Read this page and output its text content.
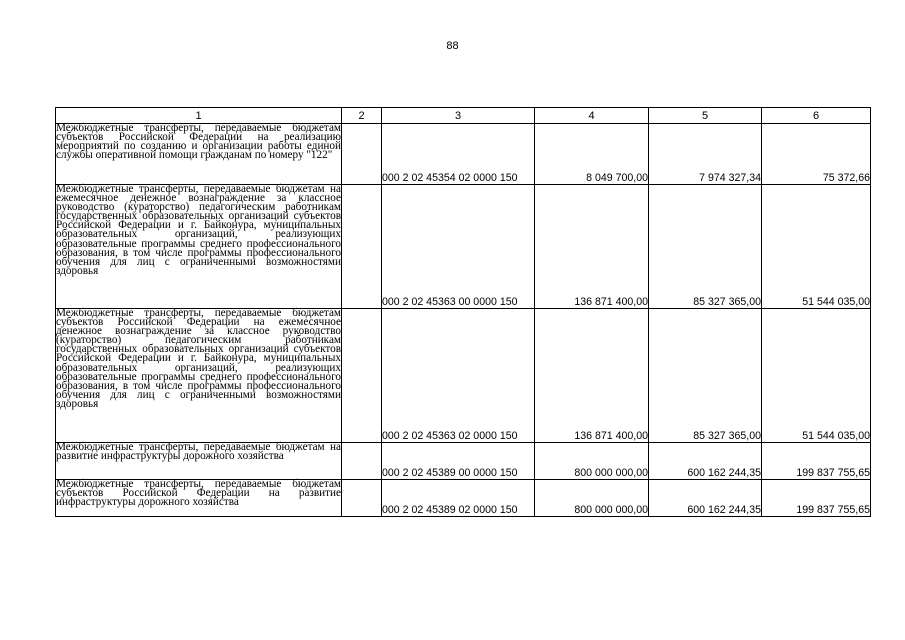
88
1	2	3	4	5	6
Межбюджетные трансферты, передаваемые бюджетам субъектов Российской Федерации на реализацию мероприятий по созданию и организации работы единой службы оперативной помощи гражданам по номеру "122"		000 2 02 45354 02 0000 150	8 049 700,00	7 974 327,34	75 372,66
Межбюджетные трансферты, передаваемые бюджетам на ежемесячное денежное вознаграждение за классное руководство (кураторство) педагогическим работникам государственных образовательных организаций субъектов Российской Федерации и г. Байконура, муниципальных образовательных организаций, реализующих образовательные программы среднего профессионального образования, в том числе программы профессионального обучения для лиц с ограниченными возможностями здоровья		000 2 02 45363 00 0000 150	136 871 400,00	85 327 365,00	51 544 035,00
Межбюджетные трансферты, передаваемые бюджетам субъектов Российской Федерации на ежемесячное денежное вознаграждение за классное руководство (кураторство) педагогическим работникам государственных образовательных организаций субъектов Российской Федерации и г. Байконура, муниципальных образовательных организаций, реализующих образовательные программы среднего профессионального образования, в том числе программы профессионального обучения для лиц с ограниченными возможностями здоровья		000 2 02 45363 02 0000 150	136 871 400,00	85 327 365,00	51 544 035,00
Межбюджетные трансферты, передаваемые бюджетам на развитие инфраструктуры дорожного хозяйства		000 2 02 45389 00 0000 150	800 000 000,00	600 162 244,35	199 837 755,65
Межбюджетные трансферты, передаваемые бюджетам субъектов Российской Федерации на развитие инфраструктуры дорожного хозяйства		000 2 02 45389 02 0000 150	800 000 000,00	600 162 244,35	199 837 755,65
